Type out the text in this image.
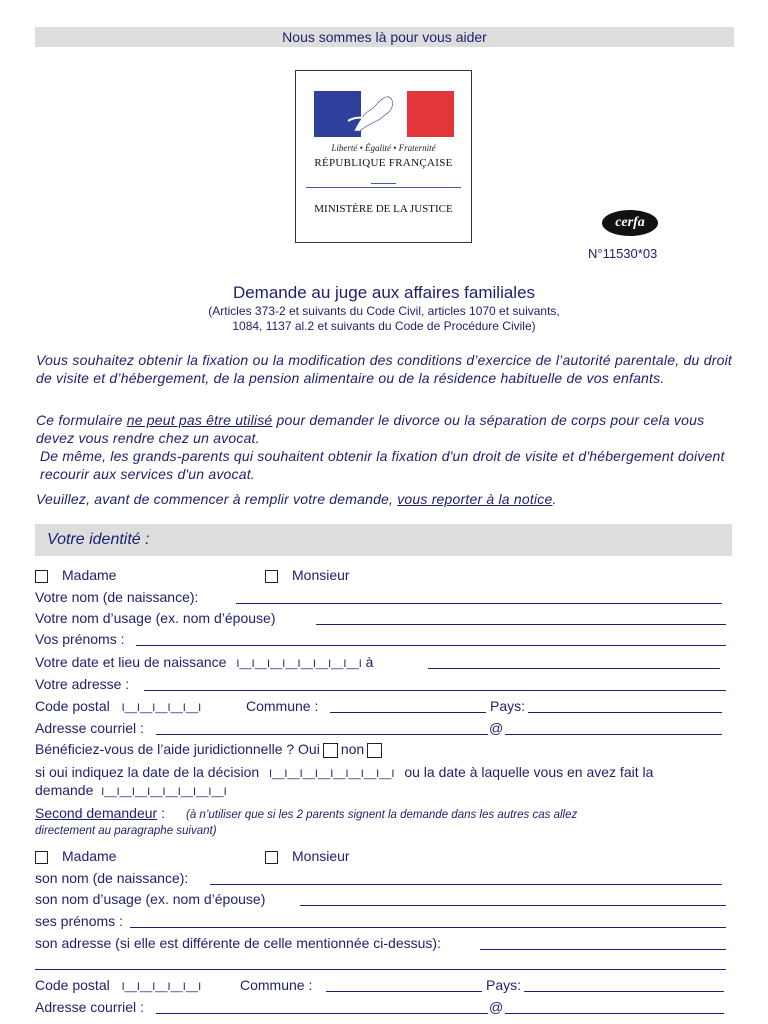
Nous sommes là pour vous aider
Liberté • Égalité • Fraternité
RÉPUBLIQUE FRANÇAISE
MINISTÈRE DE LA JUSTICE
cerfa
N°11530*03
Demande au juge aux affaires familiales
(Articles 373-2 et suivants du Code Civil, articles 1070 et suivants,
1084, 1137 al.2 et suivants du Code de Procédure Civile)
Vous souhaitez obtenir la fixation ou la modification des conditions d’exercice de l’autorité parentale, du droit de visite et d’hébergement, de la pension alimentaire ou de la résidence habituelle de vos enfants.
Ce formulaire ne peut pas être utilisé pour demander le divorce ou la séparation de corps pour cela vous devez vous rendre chez un avocat.
De même, les grands-parents qui souhaitent obtenir la fixation d'un droit de visite et d'hébergement doivent recourir aux services d'un avocat.
Veuillez, avant de commencer à remplir votre demande, vous reporter à la notice.
Votre identité :
Madame	Monsieur
Votre nom (de naissance):
Votre nom d’usage (ex. nom d’épouse)
Vos prénoms :
Votre date et lieu de naissance I__I__I__I__I__I__I__I__I à
Votre adresse :
Code postal I__I__I__I__I__I	Commune :	Pays:
Adresse courriel :	@
Bénéficiez-vous de l’aide juridictionnelle ? Oui non
si oui indiquez la date de la décision I__I__I__I__I__I__I__I__I ou la date à laquelle vous en avez fait la
demande I__I__I__I__I__I__I__I__I
Second demandeur : (à n’utiliser que si les 2 parents signent la demande dans les autres cas allez
directement au paragraphe suivant)
Madame	Monsieur
son nom (de naissance):
son nom d’usage (ex. nom d’épouse)
ses prénoms :
son adresse (si elle est différente de celle mentionnée ci-dessus):
Code postal I__I__I__I__I__I	Commune :	Pays:
Adresse courriel :	@
